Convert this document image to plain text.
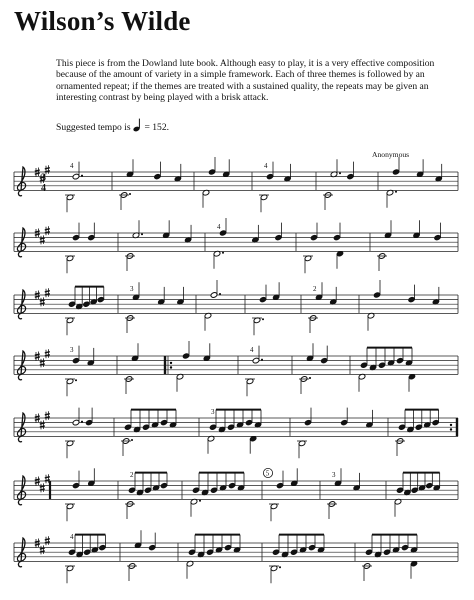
Wilson’s Wilde

This piece is from the Dowland lute book. Although easy to play, it is a very effective composition because of the amount of variety in a simple framework. Each of three themes is followed by an ornamented repeat; if the themes are treated with a sustained quality, the repeats may be given an interesting contrast by being played with a brisk attack.

Suggested tempo is = 152.
Anonymous
3
4
4	4
4
3	2
3	4
3
2	3
5
4
